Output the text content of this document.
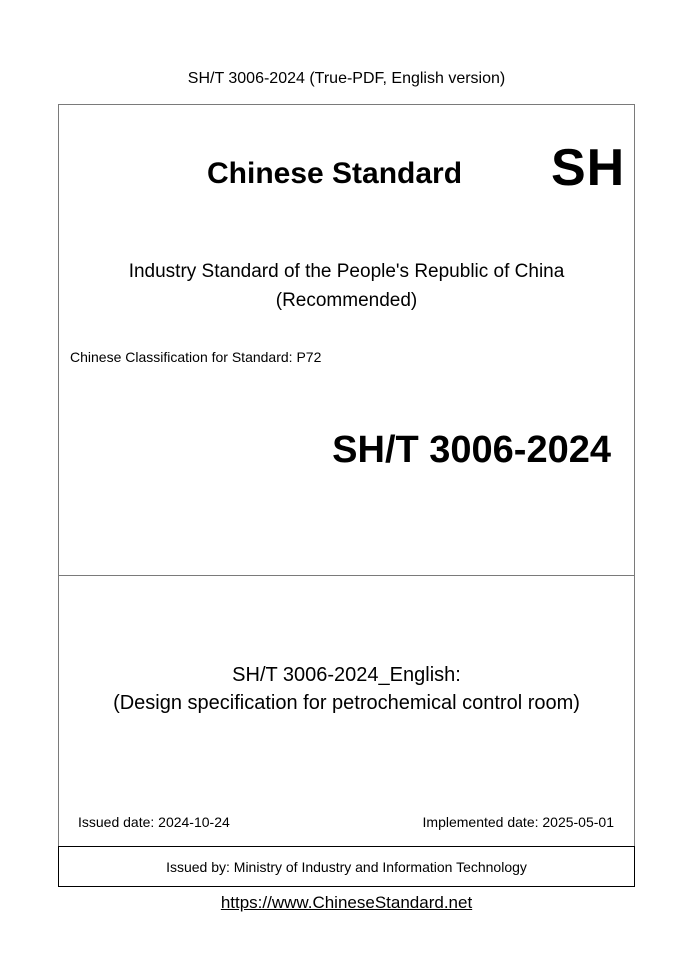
SH/T 3006-2024 (True-PDF, English version)
Chinese Standard SH
Industry Standard of the People's Republic of China
(Recommended)
Chinese Classification for Standard: P72
SH/T 3006-2024
SH/T 3006-2024_English:
(Design specification for petrochemical control room)
Issued date: 2024-10-24	Implemented date: 2025-05-01
Issued by: Ministry of Industry and Information Technology
https://www.ChineseStandard.net
